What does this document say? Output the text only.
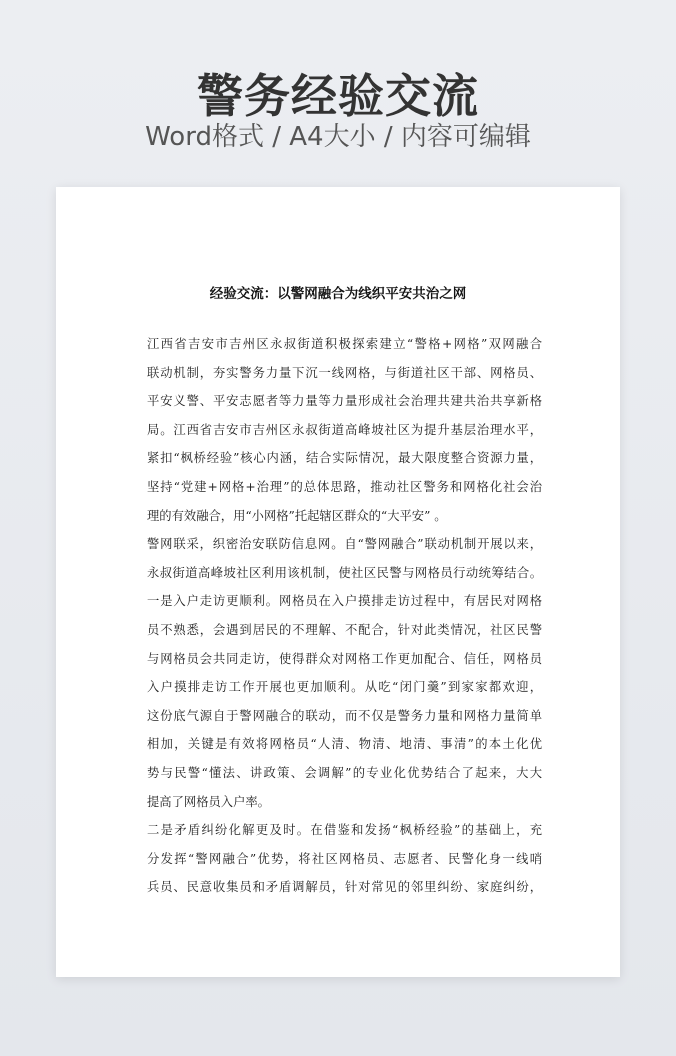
警务经验交流
Word格式 / A4大小 / 内容可编辑
经验交流：以警网融合为线织平安共治之网
江西省吉安市吉州区永叔街道积极探索建立“警格+网格”双网融合
联动机制，夯实警务力量下沉一线网格，与街道社区干部、网格员、
平安义警、平安志愿者等力量等力量形成社会治理共建共治共享新格
局。江西省吉安市吉州区永叔街道高峰坡社区为提升基层治理水平，
紧扣“枫桥经验”核心内涵，结合实际情况，最大限度整合资源力量，
坚持“党建+网格+治理”的总体思路，推动社区警务和网格化社会治
理的有效融合，用“小网格”托起辖区群众的“大平安” 。
警网联采，织密治安联防信息网。自“警网融合”联动机制开展以来，
永叔街道高峰坡社区利用该机制，使社区民警与网格员行动统筹结合。
一是入户走访更顺利。网格员在入户摸排走访过程中，有居民对网格
员不熟悉，会遇到居民的不理解、不配合，针对此类情况，社区民警
与网格员会共同走访，使得群众对网格工作更加配合、信任，网格员
入户摸排走访工作开展也更加顺利。从吃“闭门羹”到家家都欢迎，
这份底气源自于警网融合的联动，而不仅是警务力量和网格力量简单
相加，关键是有效将网格员“人清、物清、地清、事清”的本土化优
势与民警“懂法、讲政策、会调解”的专业化优势结合了起来，大大
提高了网格员入户率。
二是矛盾纠纷化解更及时。在借鉴和发扬“枫桥经验”的基础上，充
分发挥“警网融合”优势，将社区网格员、志愿者、民警化身一线哨
兵员、民意收集员和矛盾调解员，针对常见的邻里纠纷、家庭纠纷，
